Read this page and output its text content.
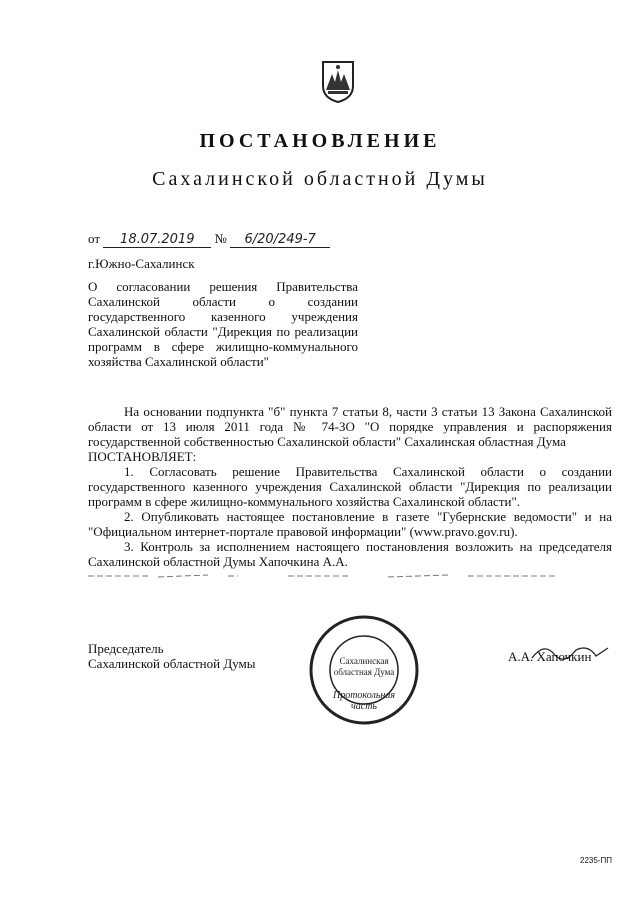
ПОСТАНОВЛЕНИЕ
Сахалинской областной Думы
от 18.07.2019 № 6/20/249-7
г.Южно-Сахалинск
О согласовании решения Правительства Сахалинской области о создании государственного казенного учреждения Сахалинской области "Дирекция по реализации программ в сфере жилищно-коммунального хозяйства Сахалинской области"

На основании подпункта "б" пункта 7 статьи 8, части 3 статьи 13 Закона Сахалинской области от 13 июля 2011 года № 74-ЗО "О порядке управления и распоряжения государственной собственностью Сахалинской области" Сахалинская областная Дума

ПОСТАНОВЛЯЕТ:

1. Согласовать решение Правительства Сахалинской области о создании государственного казенного учреждения Сахалинской области "Дирекция по реализации программ в сфере жилищно-коммунального хозяйства Сахалинской области".

2. Опубликовать настоящее постановление в газете "Губернские ведомости" и на "Официальном интернет-портале правовой информации" (www.pravo.gov.ru).

3. Контроль за исполнением настоящего постановления возложить на председателя Сахалинской областной Думы Хапочкина А.А.

Председатель
Сахалинской областной Думы	А.А. Хапочкин
Сахалинская областная Дума
Протокольная часть
2235-ПП
